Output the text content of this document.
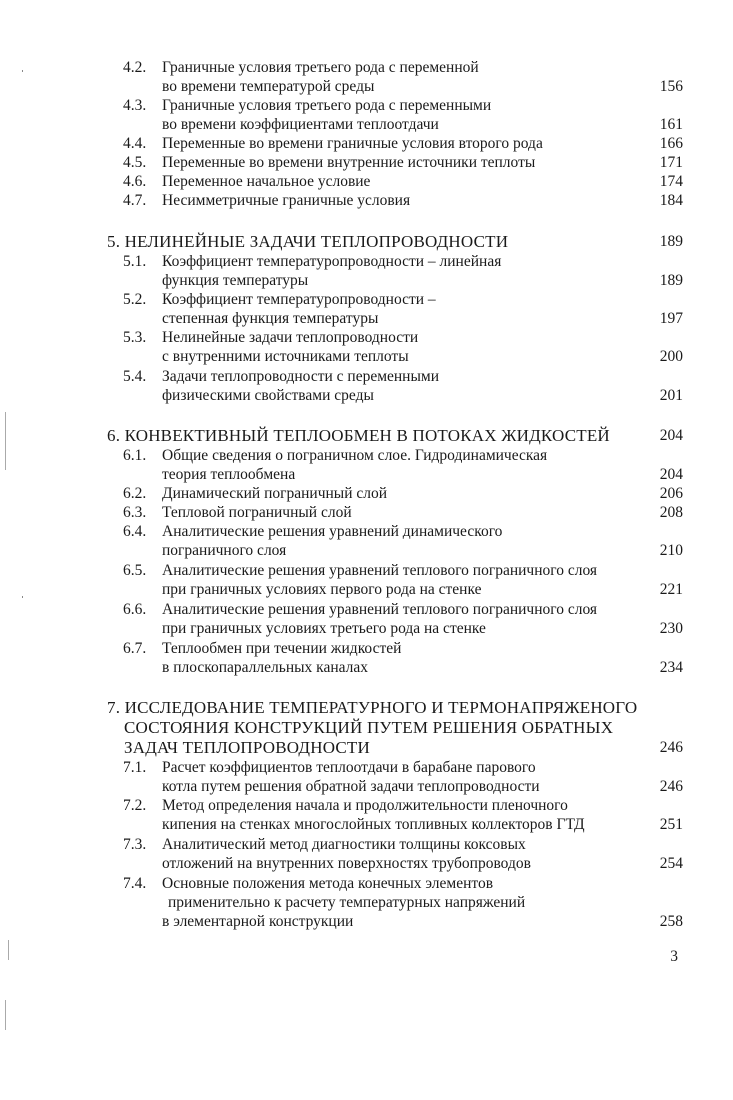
4.2. Граничные условия третьего рода с переменной
во времени температурой среды	156
4.3. Граничные условия третьего рода с переменными
во времени коэффициентами теплоотдачи	161
4.4. Переменные во времени граничные условия второго рода	166
4.5. Переменные во времени внутренние источники теплоты	171
4.6. Переменное начальное условие	174
4.7. Несимметричные граничные условия	184
5. НЕЛИНЕЙНЫЕ ЗАДАЧИ ТЕПЛОПРОВОДНОСТИ	189
5.1. Коэффициент температуропроводности – линейная
функция температуры	189
5.2. Коэффициент температуропроводности –
степенная функция температуры	197
5.3. Нелинейные задачи теплопроводности
с внутренними источниками теплоты	200
5.4. Задачи теплопроводности с переменными
физическими свойствами среды	201
6. КОНВЕКТИВНЫЙ ТЕПЛООБМЕН В ПОТОКАХ ЖИДКОСТЕЙ	204
6.1. Общие сведения о пограничном слое. Гидродинамическая
теория теплообмена	204
6.2. Динамический пограничный слой	206
6.3. Тепловой пограничный слой	208
6.4. Аналитические решения уравнений динамического
пограничного слоя	210
6.5. Аналитические решения уравнений теплового пограничного слоя
при граничных условиях первого рода на стенке	221
6.6. Аналитические решения уравнений теплового пограничного слоя
при граничных условиях третьего рода на стенке	230
6.7. Теплообмен при течении жидкостей
в плоскопараллельных каналах	234
7. ИССЛЕДОВАНИЕ ТЕМПЕРАТУРНОГО И ТЕРМОНАПРЯЖЕНОГО
СОСТОЯНИЯ КОНСТРУКЦИЙ ПУТЕМ РЕШЕНИЯ ОБРАТНЫХ
ЗАДАЧ ТЕПЛОПРОВОДНОСТИ	246
7.1. Расчет коэффициентов теплоотдачи в барабане парового
котла путем решения обратной задачи теплопроводности	246
7.2. Метод определения начала и продолжительности пленочного
кипения на стенках многослойных топливных коллекторов ГТД	251
7.3. Аналитический метод диагностики толщины коксовых
отложений на внутренних поверхностях трубопроводов	254
7.4. Основные положения метода конечных элементов
применительно к расчету температурных напряжений
в элементарной конструкции	258
3
